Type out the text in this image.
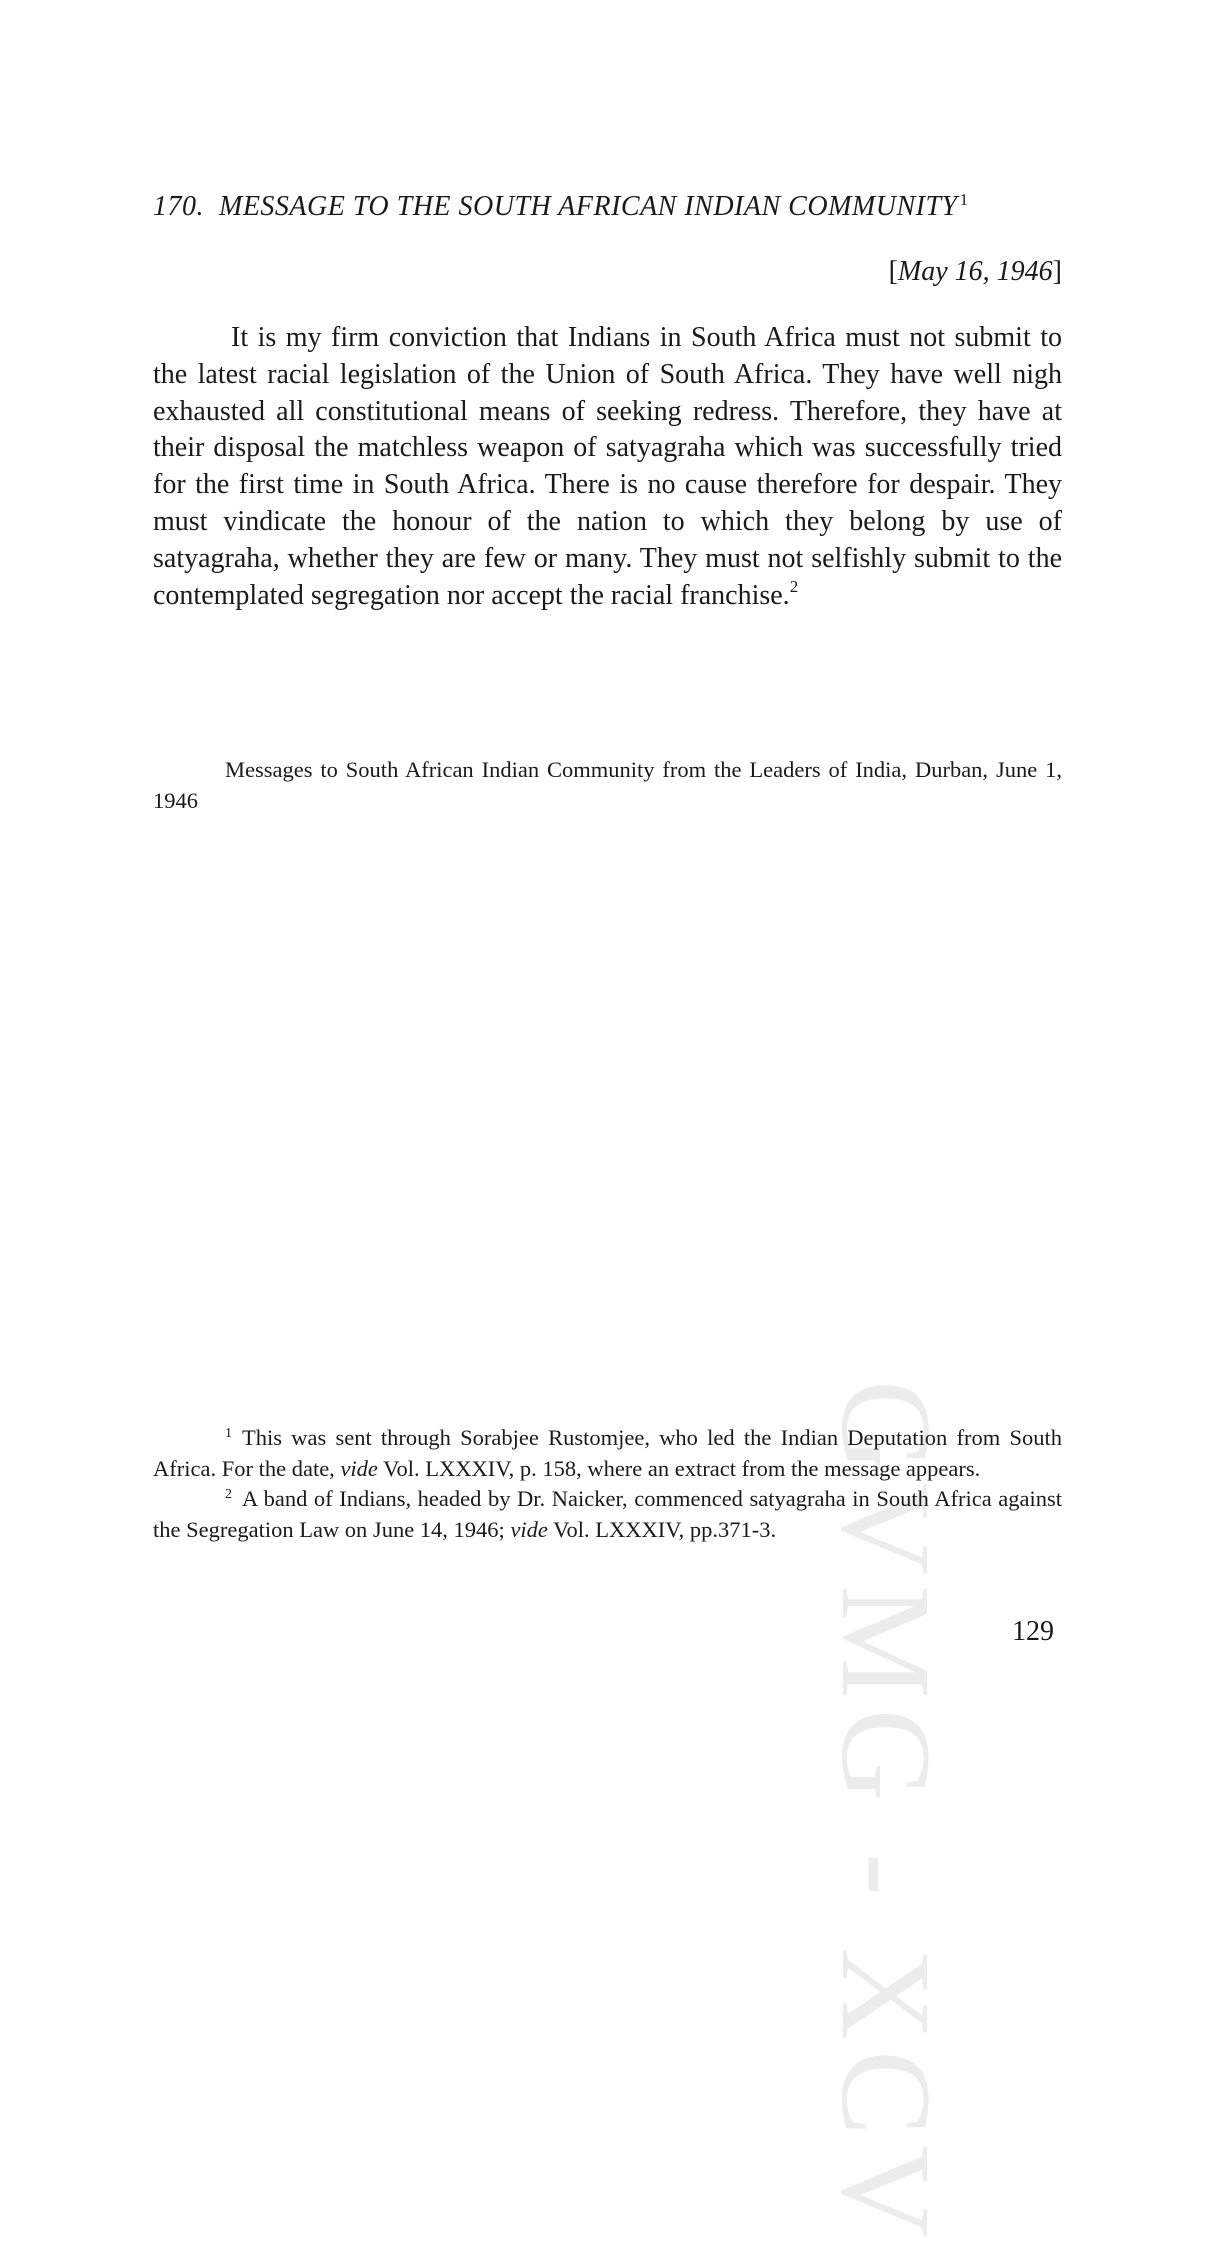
GVMG - XCV
170. MESSAGE TO THE SOUTH AFRICAN INDIAN COMMUNITY $^1$
[May 16, 1946]

It is my firm conviction that Indians in South Africa must not submit to the latest racial legislation of the Union of South Africa. They have well nigh exhausted all constitutional means of seeking redress. Therefore, they have at their disposal the matchless weapon of satyagraha which was successfully tried for the first time in South Africa. There is no cause therefore for despair. They must vindicate the honour of the nation to which they belong by use of satyagraha, whether they are few or many. They must not selfishly submit to the contemplated segregation nor accept the racial franchise.$^2$

Messages to South African Indian Community from the Leaders of India, Durban, June 1, 1946

$^1$ This was sent through Sorabjee Rustomjee, who led the Indian Deputation from South Africa. For the date, vide Vol. LXXXIV, p. 158, where an extract from the message appears.

$^2$ A band of Indians, headed by Dr. Naicker, commenced satyagraha in South Africa against the Segregation Law on June 14, 1946; vide Vol. LXXXIV, pp.371-3.

129
